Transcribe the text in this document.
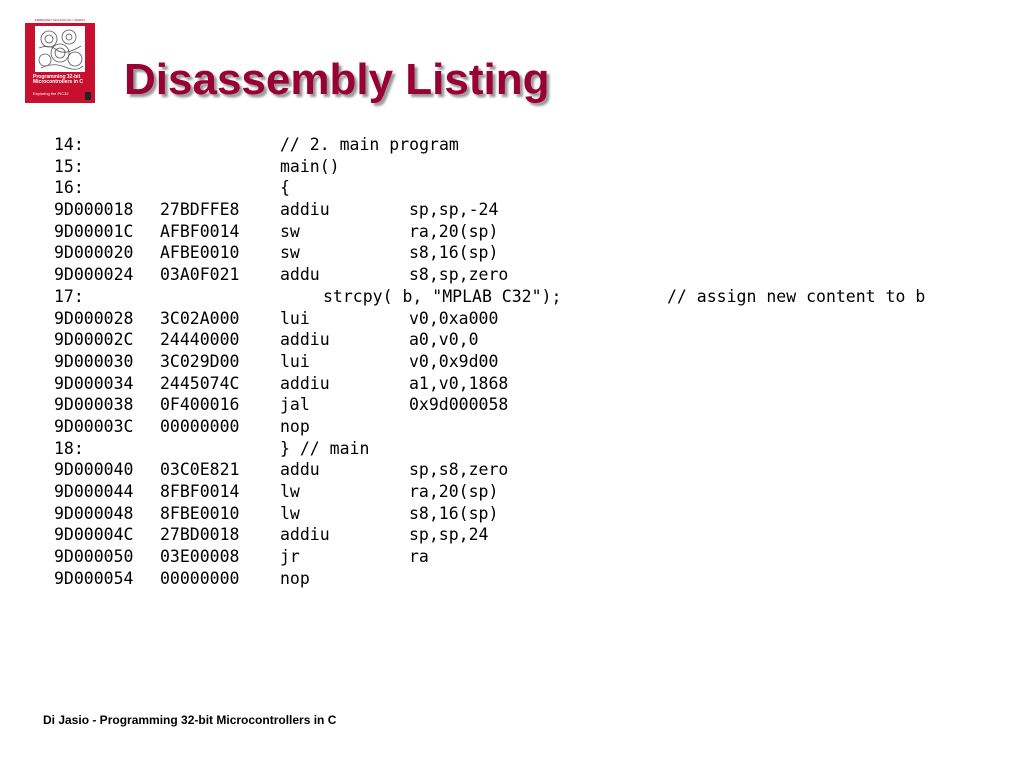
EMBEDDED TECHNOLOGY SERIES
Programming 32-bit Microcontrollers in C
Exploring the PIC32	Disassembly Listing
14:	// 2. main program
15:	main()
16:	{
9D000018 27BDFFE8 addiu	sp,sp,-24
9D00001C AFBF0014 sw	ra,20(sp)
9D000020 AFBE0010 sw	s8,16(sp)
9D000024 03A0F021 addu	s8,sp,zero
17:	strcpy( b, "MPLAB C32");	// assign new content to b
9D000028 3C02A000 lui	v0,0xa000
9D00002C 24440000 addiu	a0,v0,0
9D000030 3C029D00 lui	v0,0x9d00
9D000034 2445074C addiu	a1,v0,1868
9D000038 0F400016 jal	0x9d000058
9D00003C 00000000 nop
18:	} // main
9D000040 03C0E821 addu	sp,s8,zero
9D000044 8FBF0014 lw	ra,20(sp)
9D000048 8FBE0010 lw	s8,16(sp)
9D00004C 27BD0018 addiu	sp,sp,24
9D000050 03E00008 jr	ra
9D000054 00000000 nop
Di Jasio - Programming 32-bit Microcontrollers in C
